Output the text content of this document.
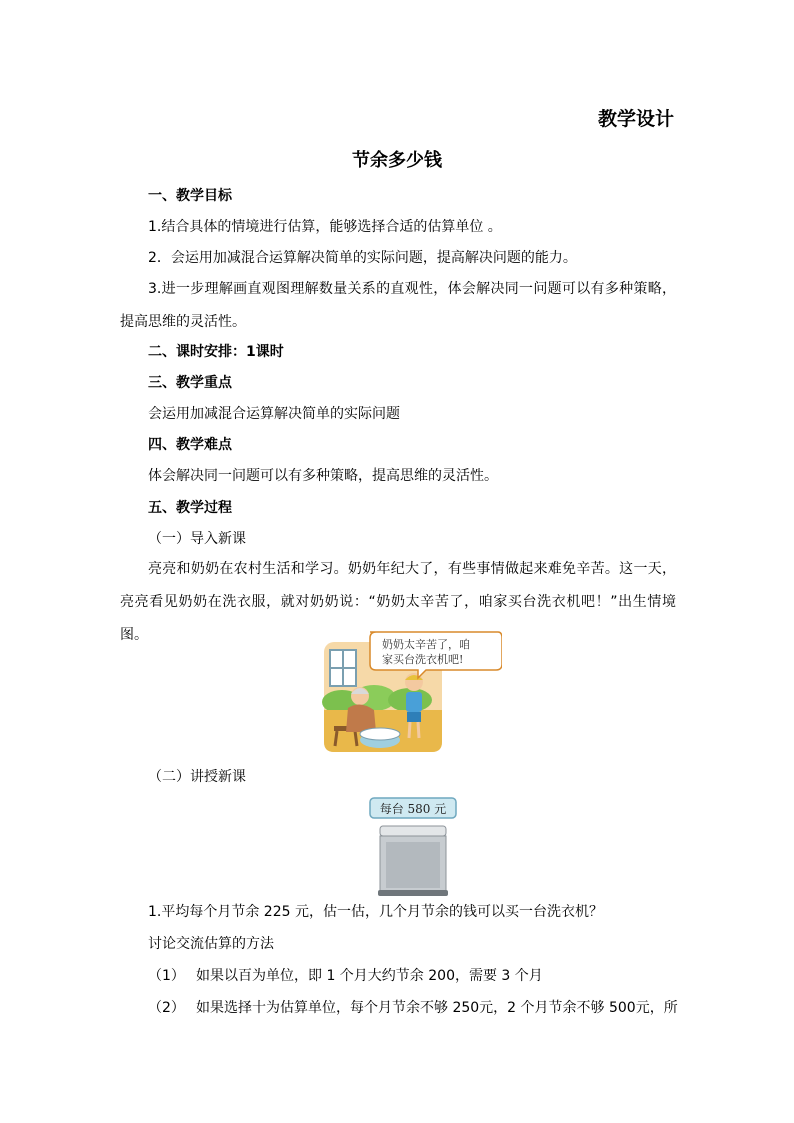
教学设计
节余多少钱
一、教学目标
1.结合具体的情境进行估算，能够选择合适的估算单位 。
2．会运用加减混合运算解决简单的实际问题，提高解决问题的能力。
3.进一步理解画直观图理解数量关系的直观性，体会解决同一问题可以有多种策略，提高思维的灵活性。
二、课时安排：1课时
三、教学重点
会运用加减混合运算解决简单的实际问题
四、教学难点
体会解决同一问题可以有多种策略，提高思维的灵活性。
五、教学过程
（一）导入新课
亮亮和奶奶在农村生活和学习。奶奶年纪大了，有些事情做起来难免辛苦。这一天，亮亮看见奶奶在洗衣服，就对奶奶说：“奶奶太辛苦了，咱家买台洗衣机吧！”出生情境图。
奶奶太辛苦了，咱
家买台洗衣机吧!
（二）讲授新课
每台 580 元
1.平均每个月节余 225 元，估一估，几个月节余的钱可以买一台洗衣机？
讨论交流估算的方法
（1） 如果以百为单位，即 1 个月大约节余 200，需要 3 个月
（2） 如果选择十为估算单位，每个月节余不够 250元，2 个月节余不够 500元，所
